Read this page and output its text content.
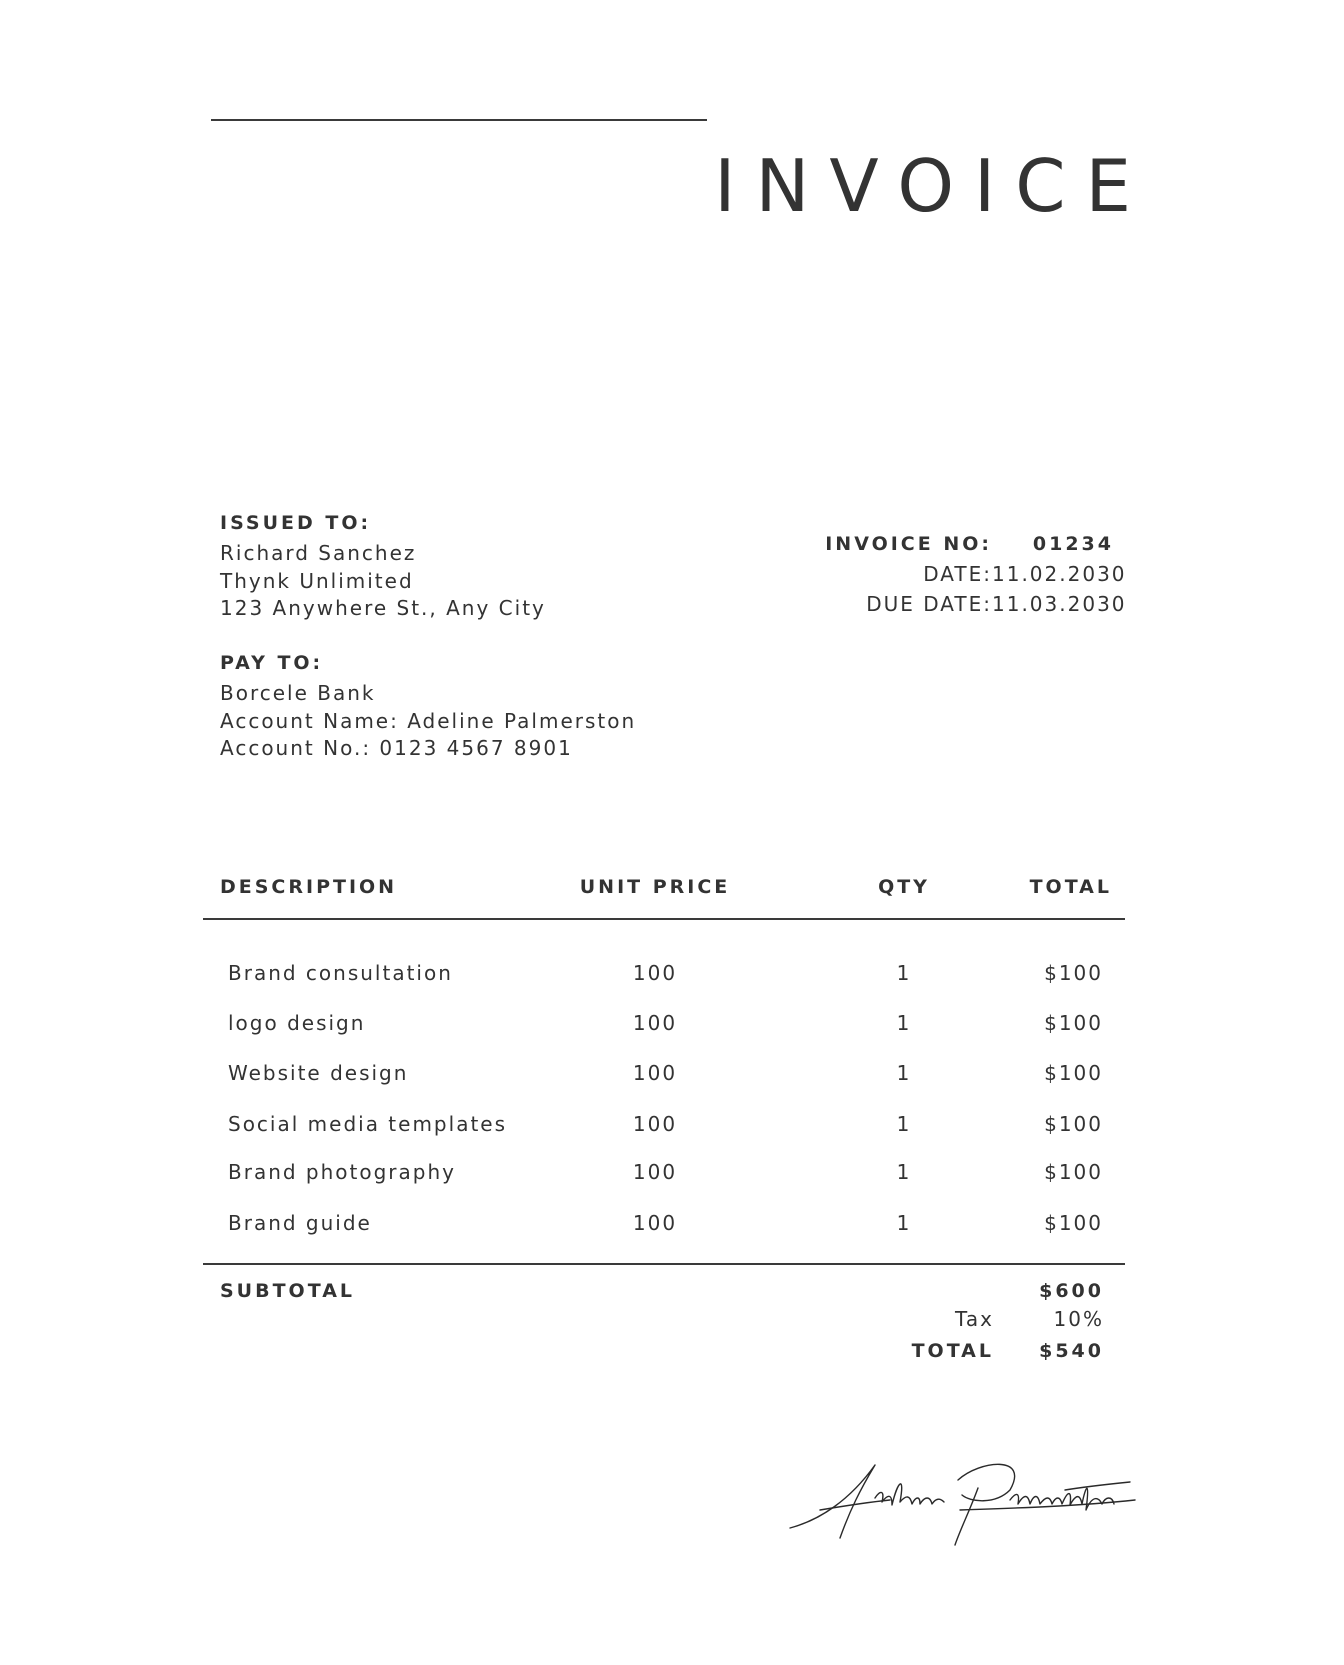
INVOICE
ISSUED TO:
Richard Sanchez
Thynk Unlimited
123 Anywhere St., Any City
PAY TO:
Borcele Bank
Account Name: Adeline Palmerston
Account No.: 0123 4567 8901
INVOICE NO:	01234
DATE: 11.02.2030
DUE DATE: 11.03.2030
DESCRIPTION	UNIT PRICE	QTY	TOTAL
Brand consultation	100	1	$100
logo design	100	1	$100
Website design	100	1	$100
Social media templates	100	1	$100
Brand photography	100	1	$100
Brand guide	100	1	$100
SUBTOTAL	$600
Tax	10%
TOTAL	$540
